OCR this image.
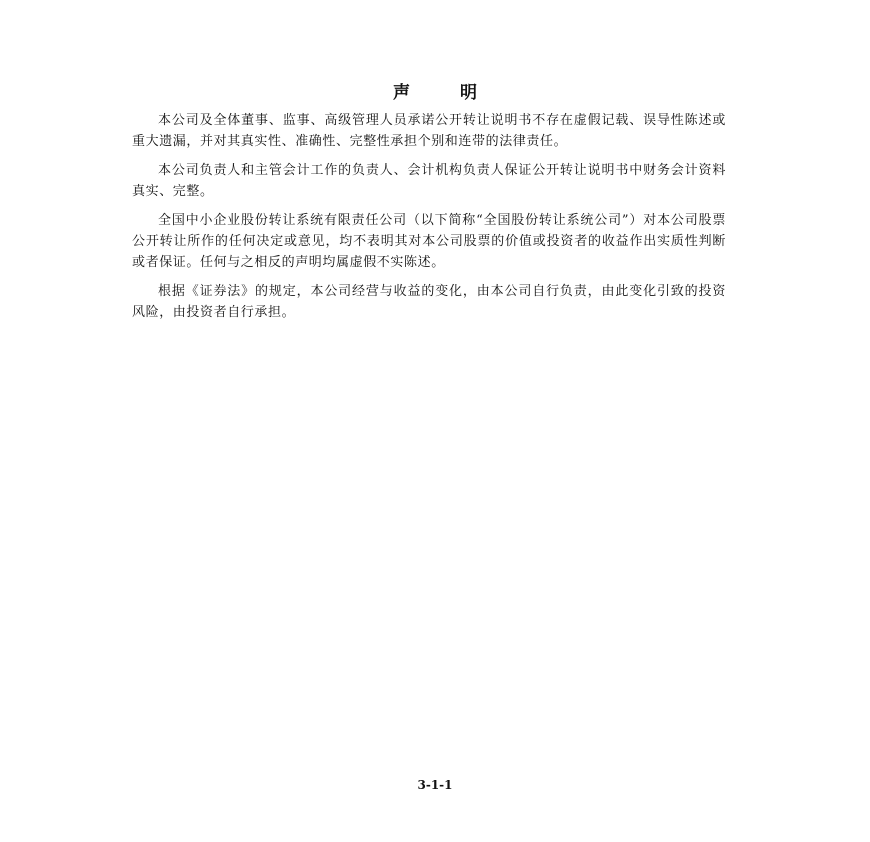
声 明

本公司及全体董事、监事、高级管理人员承诺公开转让说明书不存在虚假记载、误导性陈述或重大遗漏，并对其真实性、准确性、完整性承担个别和连带的法律责任。

本公司负责人和主管会计工作的负责人、会计机构负责人保证公开转让说明书中财务会计资料真实、完整。

全国中小企业股份转让系统有限责任公司（以下简称“全国股份转让系统公司”）对本公司股票公开转让所作的任何决定或意见，均不表明其对本公司股票的价值或投资者的收益作出实质性判断或者保证。任何与之相反的声明均属虚假不实陈述。

根据《证券法》的规定，本公司经营与收益的变化，由本公司自行负责，由此变化引致的投资风险，由投资者自行承担。

3-1-1
